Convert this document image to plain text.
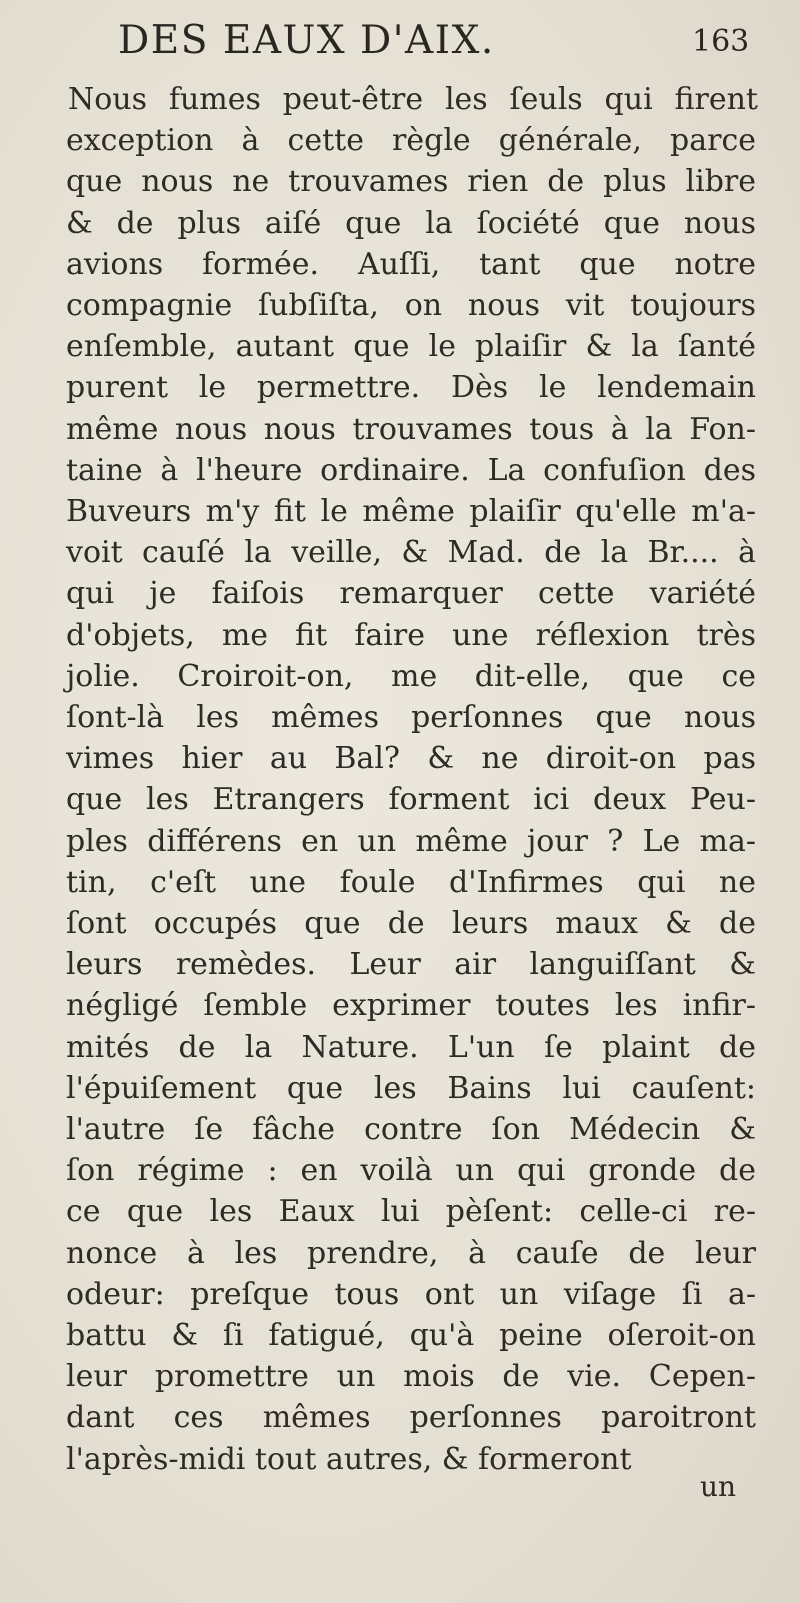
DES EAUX D'AIX.	163
Nous fumes peut-être les ſeuls qui firent
exception à cette règle générale, parce
que nous ne trouvames rien de plus libre
& de plus aiſé que la ſociété que nous
avions formée. Auſſi, tant que notre
compagnie ſubſiſta, on nous vit toujours
enſemble, autant que le plaiſir & la ſanté
purent le permettre. Dès le lendemain
même nous nous trouvames tous à la Fon-
taine à l'heure ordinaire. La confuſion des
Buveurs m'y fit le même plaiſir qu'elle m'a-
voit cauſé la veille, & Mad. de la Br.... à
qui je faiſois remarquer cette variété
d'objets, me fit faire une réflexion très
jolie. Croiroit-on, me dit-elle, que ce
ſont-là les mêmes perſonnes que nous
vimes hier au Bal? & ne diroit-on pas
que les Etrangers forment ici deux Peu-
ples différens en un même jour ? Le ma-
tin, c'eſt une foule d'Infirmes qui ne
ſont occupés que de leurs maux & de
leurs remèdes. Leur air languiſſant &
négligé ſemble exprimer toutes les infir-
mités de la Nature. L'un ſe plaint de
l'épuiſement que les Bains lui cauſent:
l'autre ſe fâche contre ſon Médecin &
ſon régime : en voilà un qui gronde de
ce que les Eaux lui pèſent: celle-ci re-
nonce à les prendre, à cauſe de leur
odeur: preſque tous ont un viſage ſi a-
battu & ſi fatigué, qu'à peine oſeroit-on
leur promettre un mois de vie. Cepen-
dant ces mêmes perſonnes paroitront
l'après-midi tout autres, & formeront
un
